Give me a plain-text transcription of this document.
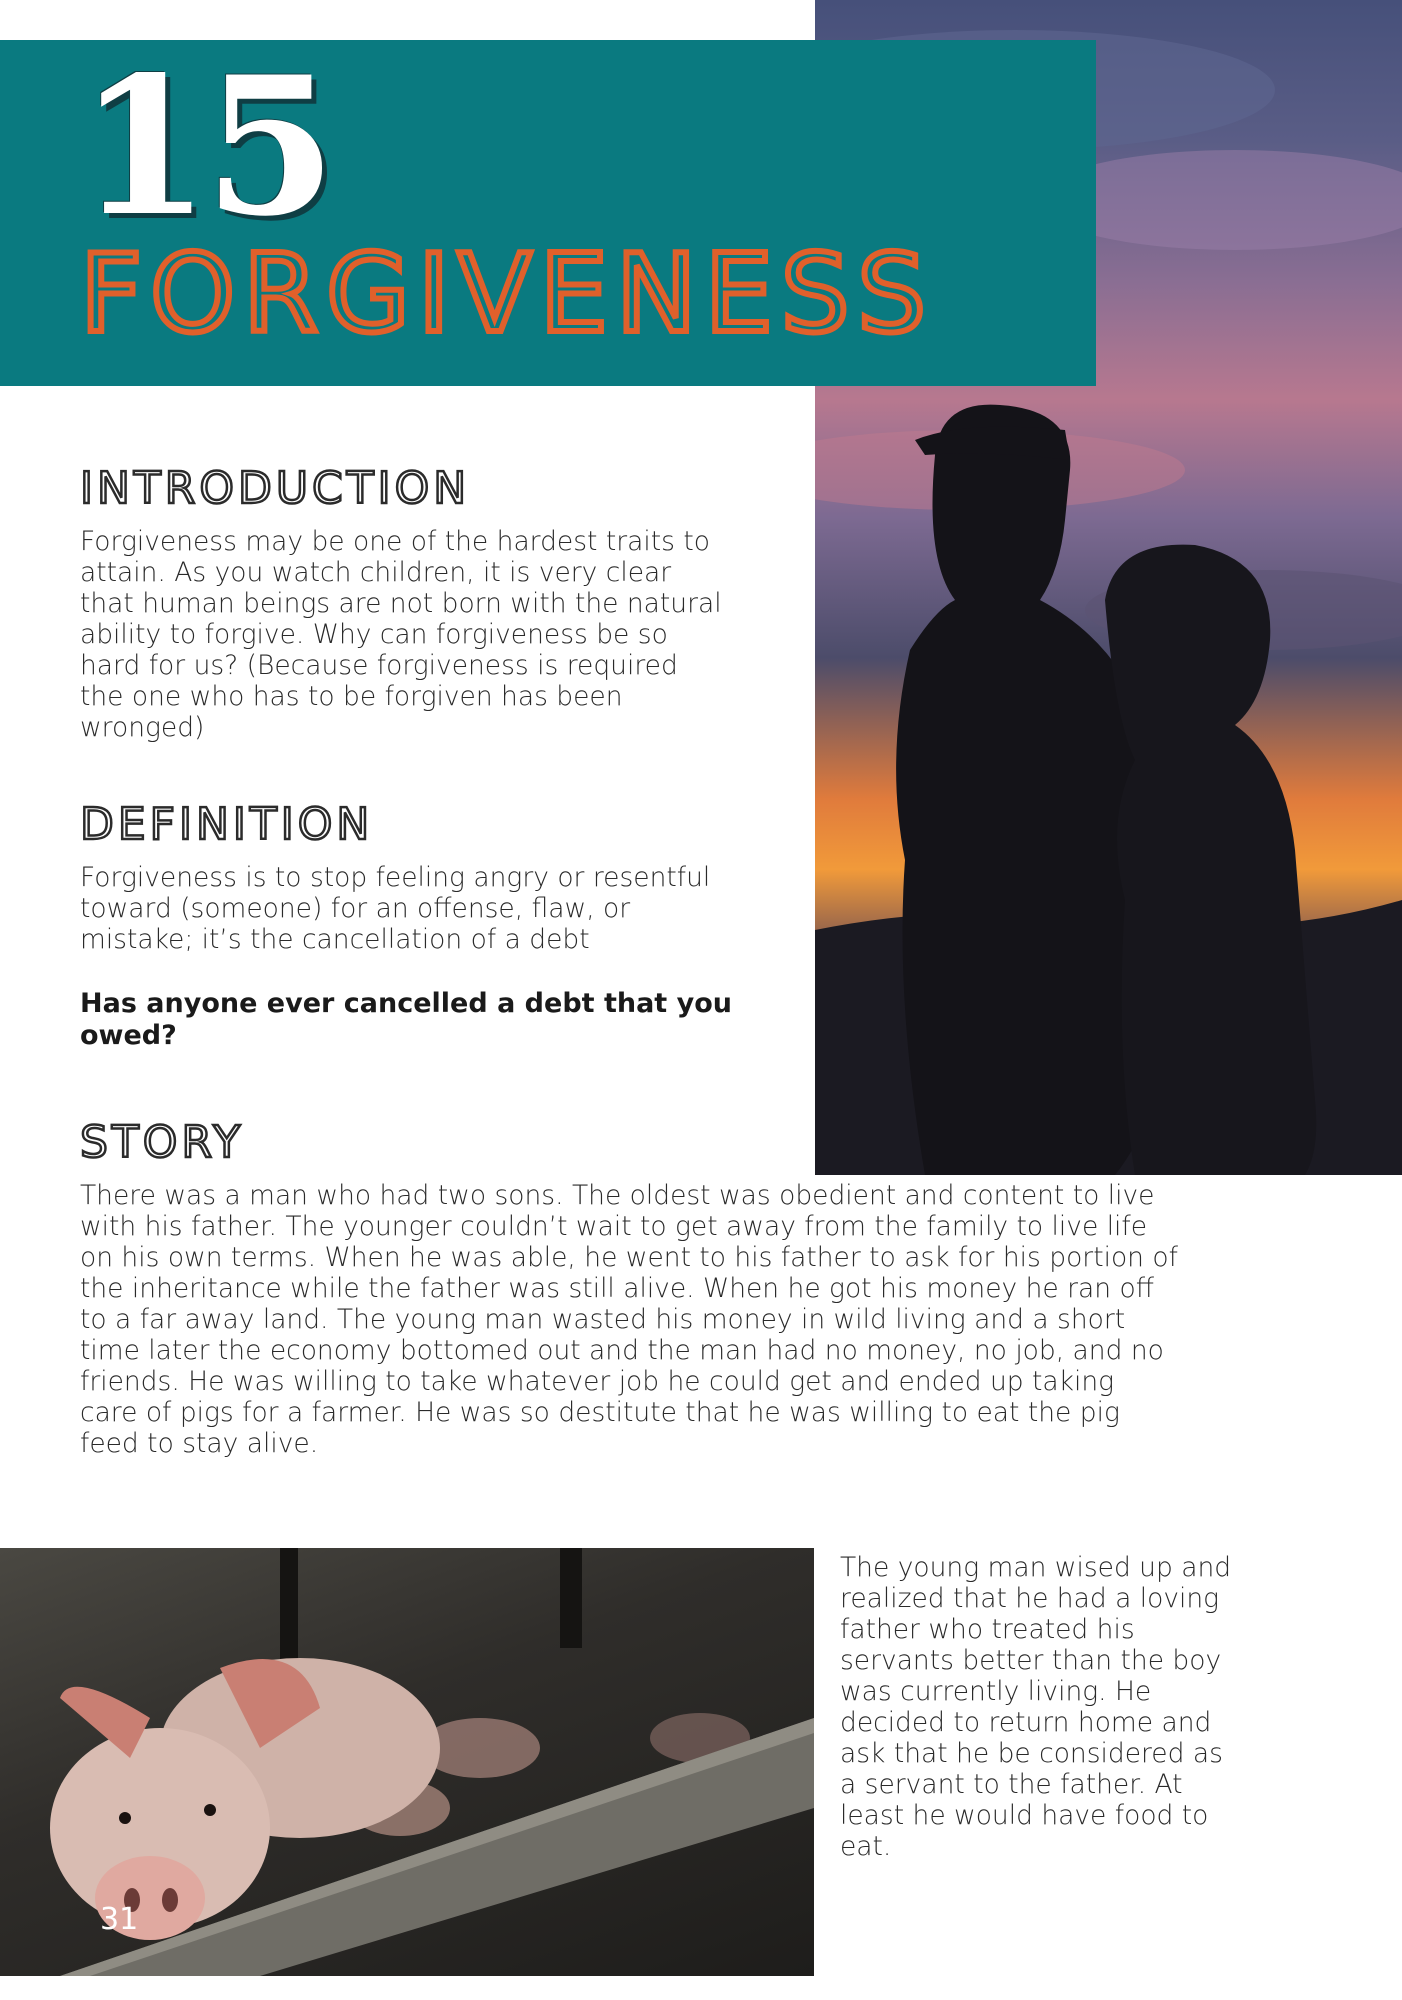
15
FORGIVENESS
INTRODUCTION
Forgiveness may be one of the hardest traits to
attain. As you watch children, it is very clear
that human beings are not born with the natural
ability to forgive. Why can forgiveness be so
hard for us? (Because forgiveness is required
the one who has to be forgiven has been
wronged)
DEFINITION
Forgiveness is to stop feeling angry or resentful
toward (someone) for an offense, flaw, or
mistake; it’s the cancellation of a debt
Has anyone ever cancelled a debt that you
owed?
STORY
There was a man who had two sons. The oldest was obedient and content to live
with his father. The younger couldn’t wait to get away from the family to live life
on his own terms. When he was able, he went to his father to ask for his portion of
the inheritance while the father was still alive. When he got his money he ran off
to a far away land. The young man wasted his money in wild living and a short
time later the economy bottomed out and the man had no money, no job, and no
friends. He was willing to take whatever job he could get and ended up taking
care of pigs for a farmer. He was so destitute that he was willing to eat the pig
feed to stay alive.
31
The young man wised up and
realized that he had a loving
father who treated his
servants better than the boy
was currently living. He
decided to return home and
ask that he be considered as
a servant to the father. At
least he would have food to
eat.
